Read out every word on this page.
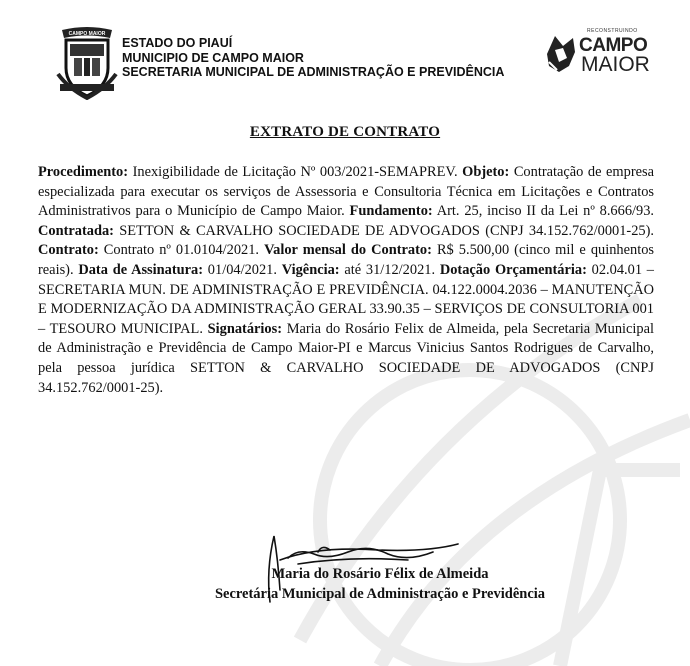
CAMPO MAIOR
ESTADO DO PIAUÍ
MUNICIPIO DE CAMPO MAIOR
SECRETARIA MUNICIPAL DE ADMINISTRAÇÃO E PREVIDÊNCIA
RECONSTRUINDO
CAMPO
MAIOR
EXTRATO DE CONTRATO
Procedimento: Inexigibilidade de Licitação Nº 003/2021-SEMAPREV. Objeto: Contratação de empresa especializada para executar os serviços de Assessoria e Consultoria Técnica em Licitações e Contratos Administrativos para o Município de Campo Maior. Fundamento: Art. 25, inciso II da Lei nº 8.666/93. Contratada: SETTON & CARVALHO SOCIEDADE DE ADVOGADOS (CNPJ 34.152.762/0001-25). Contrato: Contrato nº 01.0104/2021. Valor mensal do Contrato: R$ 5.500,00 (cinco mil e quinhentos reais). Data de Assinatura: 01/04/2021. Vigência: até 31/12/2021. Dotação Orçamentária: 02.04.01 – SECRETARIA MUN. DE ADMINISTRAÇÃO E PREVIDÊNCIA. 04.122.0004.2036 – MANUTENÇÃO E MODERNIZAÇÃO DA ADMINISTRAÇÃO GERAL 33.90.35 – SERVIÇOS DE CONSULTORIA 001 – TESOURO MUNICIPAL. Signatários: Maria do Rosário Felix de Almeida, pela Secretaria Municipal de Administração e Previdência de Campo Maior-PI e Marcus Vinicius Santos Rodrigues de Carvalho, pela pessoa jurídica SETTON & CARVALHO SOCIEDADE DE ADVOGADOS (CNPJ 34.152.762/0001-25).
Maria do Rosário Félix de Almeida
Secretária Municipal de Administração e Previdência
